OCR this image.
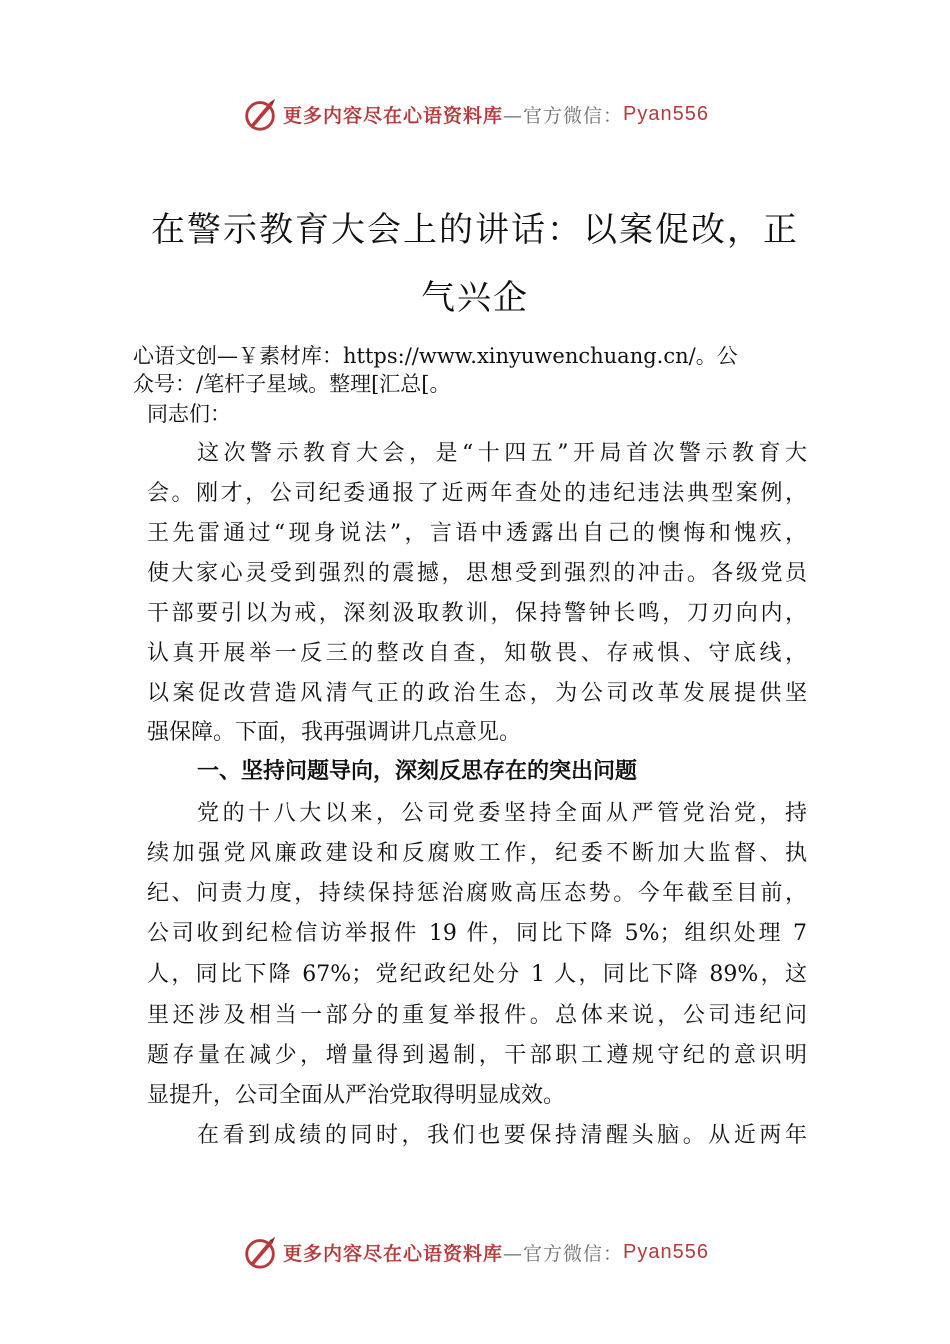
更多内容尽在心语资料库 —官方微信： Pyan556
在警示教育大会上的讲话：以案促改，正
气兴企
心语文创—￥素材库：https://www.xinyuwenchuang.cn/。公
众号：/笔杆子星域。整理[汇总[。
同志们：
这次警示教育大会，是“十四五”开局首次警示教育大
会。刚才，公司纪委通报了近两年查处的违纪违法典型案例，
王先雷通过“现身说法”，言语中透露出自己的懊悔和愧疚，
使大家心灵受到强烈的震撼，思想受到强烈的冲击。各级党员
干部要引以为戒，深刻汲取教训，保持警钟长鸣，刀刃向内，
认真开展举一反三的整改自查，知敬畏、存戒惧、守底线，
以案促改营造风清气正的政治生态，为公司改革发展提供坚
强保障。下面，我再强调讲几点意见。
一、坚持问题导向，深刻反思存在的突出问题
党的十八大以来，公司党委坚持全面从严管党治党，持
续加强党风廉政建设和反腐败工作，纪委不断加大监督、执
纪、问责力度，持续保持惩治腐败高压态势。今年截至目前，
公司收到纪检信访举报件 19 件，同比下降 5%；组织处理 7
人，同比下降 67%；党纪政纪处分 1 人，同比下降 89%，这
里还涉及相当一部分的重复举报件。总体来说，公司违纪问
题存量在减少，增量得到遏制，干部职工遵规守纪的意识明
显提升，公司全面从严治党取得明显成效。
在看到成绩的同时，我们也要保持清醒头脑。从近两年
更多内容尽在心语资料库 —官方微信： Pyan556
